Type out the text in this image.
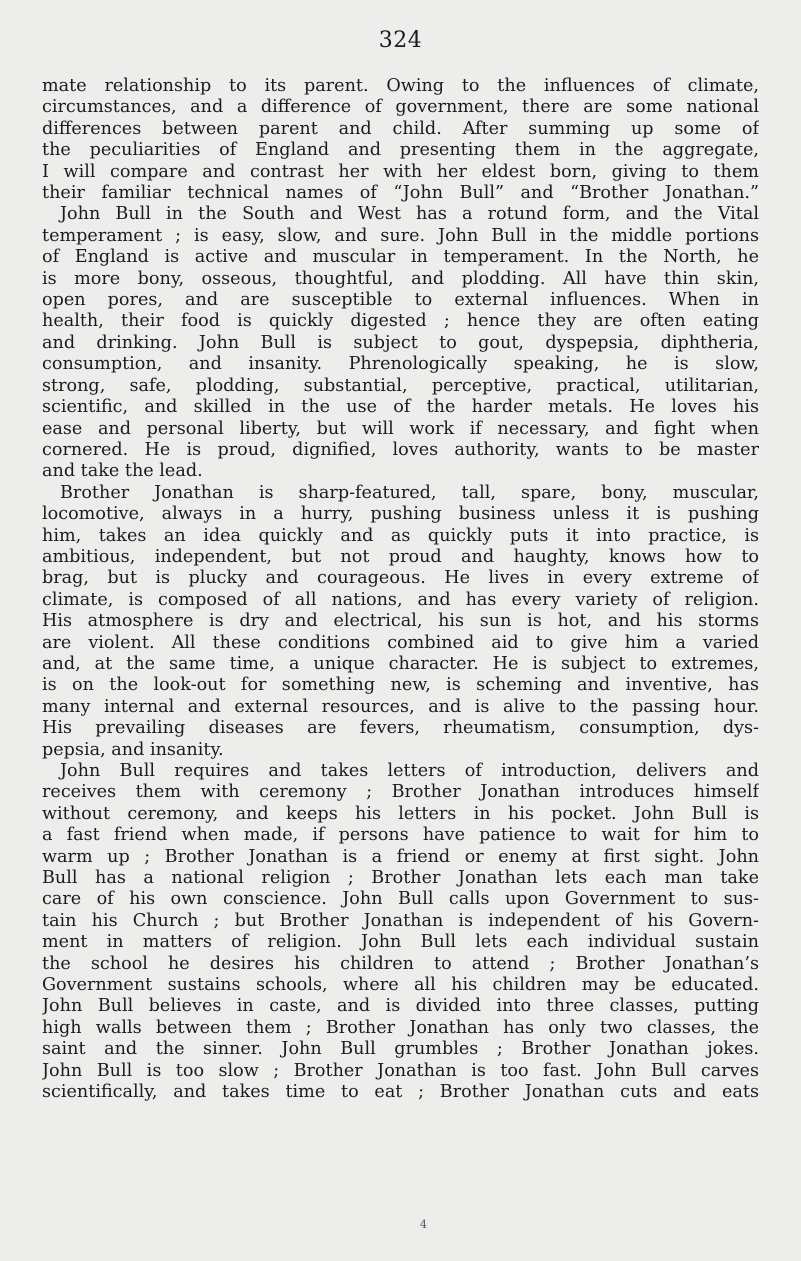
324
mate relationship to its parent. Owing to the influences of climate,
circumstances, and a difference of government, there are some national
differences between parent and child. After summing up some of
the peculiarities of England and presenting them in the aggregate,
I will compare and contrast her with her eldest born, giving to them
their familiar technical names of “John Bull” and “Brother Jonathan.”
John Bull in the South and West has a rotund form, and the Vital
temperament ; is easy, slow, and sure. John Bull in the middle portions
of England is active and muscular in temperament. In the North, he
is more bony, osseous, thoughtful, and plodding. All have thin skin,
open pores, and are susceptible to external influences. When in
health, their food is quickly digested ; hence they are often eating
and drinking. John Bull is subject to gout, dyspepsia, diphtheria,
consumption, and insanity. Phrenologically speaking, he is slow,
strong, safe, plodding, substantial, perceptive, practical, utilitarian,
scientific, and skilled in the use of the harder metals. He loves his
ease and personal liberty, but will work if necessary, and fight when
cornered. He is proud, dignified, loves authority, wants to be master
and take the lead.
Brother Jonathan is sharp-featured, tall, spare, bony, muscular,
locomotive, always in a hurry, pushing business unless it is pushing
him, takes an idea quickly and as quickly puts it into practice, is
ambitious, independent, but not proud and haughty, knows how to
brag, but is plucky and courageous. He lives in every extreme of
climate, is composed of all nations, and has every variety of religion.
His atmosphere is dry and electrical, his sun is hot, and his storms
are violent. All these conditions combined aid to give him a varied
and, at the same time, a unique character. He is subject to extremes,
is on the look-out for something new, is scheming and inventive, has
many internal and external resources, and is alive to the passing hour.
His prevailing diseases are fevers, rheumatism, consumption, dys-
pepsia, and insanity.
John Bull requires and takes letters of introduction, delivers and
receives them with ceremony ; Brother Jonathan introduces himself
without ceremony, and keeps his letters in his pocket. John Bull is
a fast friend when made, if persons have patience to wait for him to
warm up ; Brother Jonathan is a friend or enemy at first sight. John
Bull has a national religion ; Brother Jonathan lets each man take
care of his own conscience. John Bull calls upon Government to sus-
tain his Church ; but Brother Jonathan is independent of his Govern-
ment in matters of religion. John Bull lets each individual sustain
the school he desires his children to attend ; Brother Jonathan’s
Government sustains schools, where all his children may be educated.
John Bull believes in caste, and is divided into three classes, putting
high walls between them ; Brother Jonathan has only two classes, the
saint and the sinner. John Bull grumbles ; Brother Jonathan jokes.
John Bull is too slow ; Brother Jonathan is too fast. John Bull carves
scientifically, and takes time to eat ; Brother Jonathan cuts and eats
4
